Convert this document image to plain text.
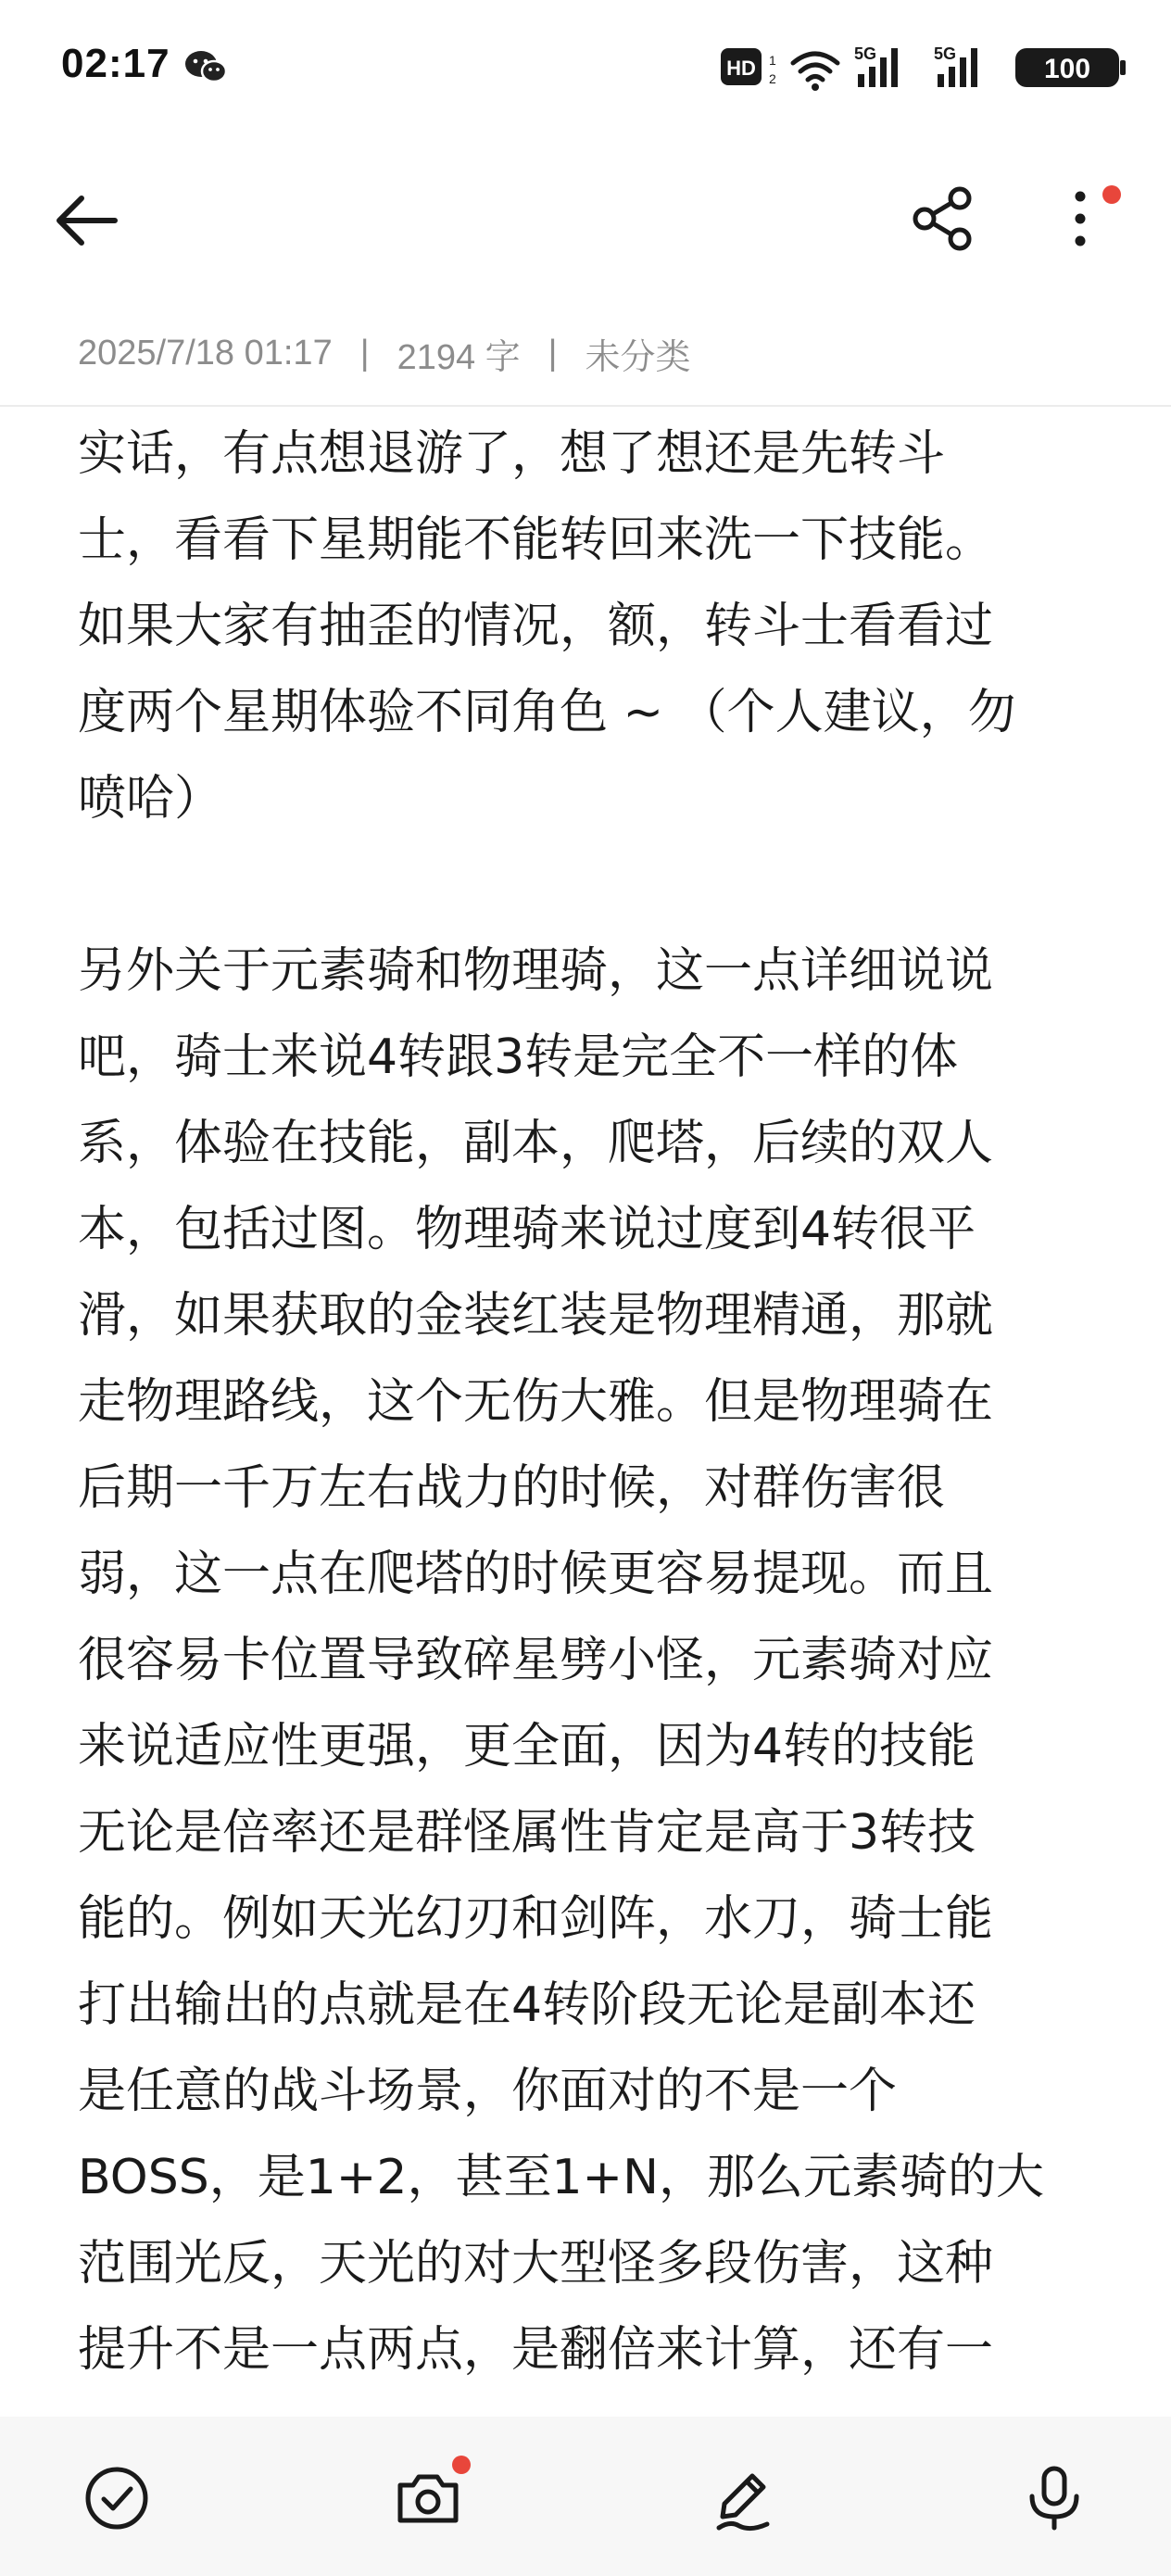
02:17	HD 1
2
5G	5G	100
2025/7/18 01:17 | 2194 字 | 未分类
实话，有点想退游了，想了想还是先转斗
士，看看下星期能不能转回来洗一下技能。
如果大家有抽歪的情况，额，转斗士看看过
度两个星期体验不同角色 ~ （个人建议，勿
喷哈）
另外关于元素骑和物理骑，这一点详细说说
吧，骑士来说4转跟3转是完全不一样的体
系，体验在技能，副本，爬塔，后续的双人
本，包括过图。物理骑来说过度到4转很平
滑，如果获取的金装红装是物理精通，那就
走物理路线，这个无伤大雅。但是物理骑在
后期一千万左右战力的时候，对群伤害很
弱，这一点在爬塔的时候更容易提现。而且
很容易卡位置导致碎星劈小怪，元素骑对应
来说适应性更强，更全面，因为4转的技能
无论是倍率还是群怪属性肯定是高于3转技
能的。例如天光幻刃和剑阵，水刀，骑士能
打出输出的点就是在4转阶段无论是副本还
是任意的战斗场景，你面对的不是一个
BOSS，是1+2，甚至1+N，那么元素骑的大
范围光反，天光的对大型怪多段伤害，这种
提升不是一点两点，是翻倍来计算，还有一
